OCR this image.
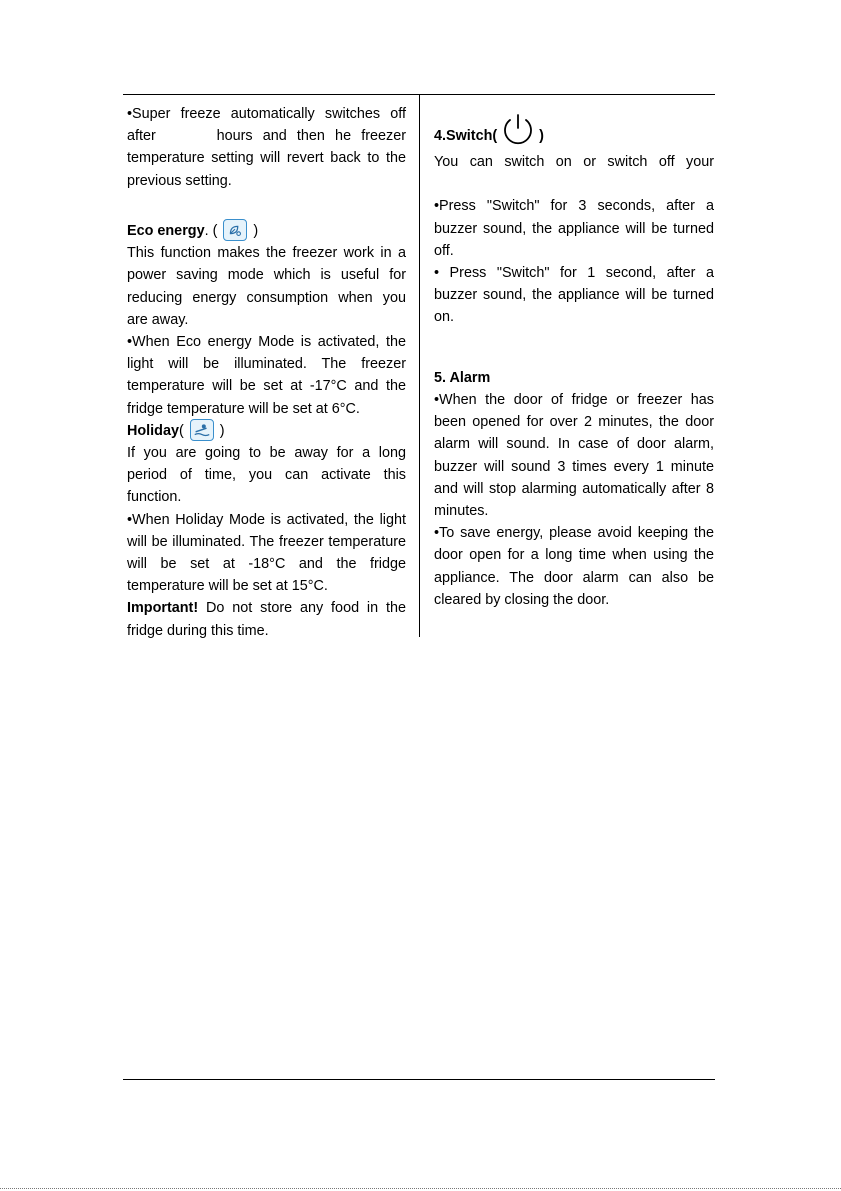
•Super freeze automatically switches off after      hours and then he freezer temperature setting will revert back to the previous setting.

Eco energy . (	)

This function makes the freezer work in a power saving mode which is useful for reducing energy consumption when you are away.

•When Eco energy Mode is activated, the light will be illuminated. The freezer temperature will be set at -17°C and the fridge temperature will be set at 6°C.

Holiday (	)

If you are going to be away for a long period of time, you can activate this function.

•When Holiday Mode is activated, the light will be illuminated. The freezer temperature will be set at -18°C and the fridge temperature will be set at 15°C.

Important! Do not store any food in the fridge during this time.

4.Switch(	)

You can switch on or switch off your

•Press "Switch" for 3 seconds, after a buzzer sound, the appliance will be turned off.

• Press "Switch" for 1 second, after a buzzer sound, the appliance will be turned on.

5. Alarm

•When the door of fridge or freezer has been opened for over 2 minutes, the door alarm will sound. In case of door alarm, buzzer will sound 3 times every 1 minute and will stop alarming automatically after 8 minutes.

•To save energy, please avoid keeping the door open for a long time when using the appliance. The door alarm can also be cleared by closing the door.
